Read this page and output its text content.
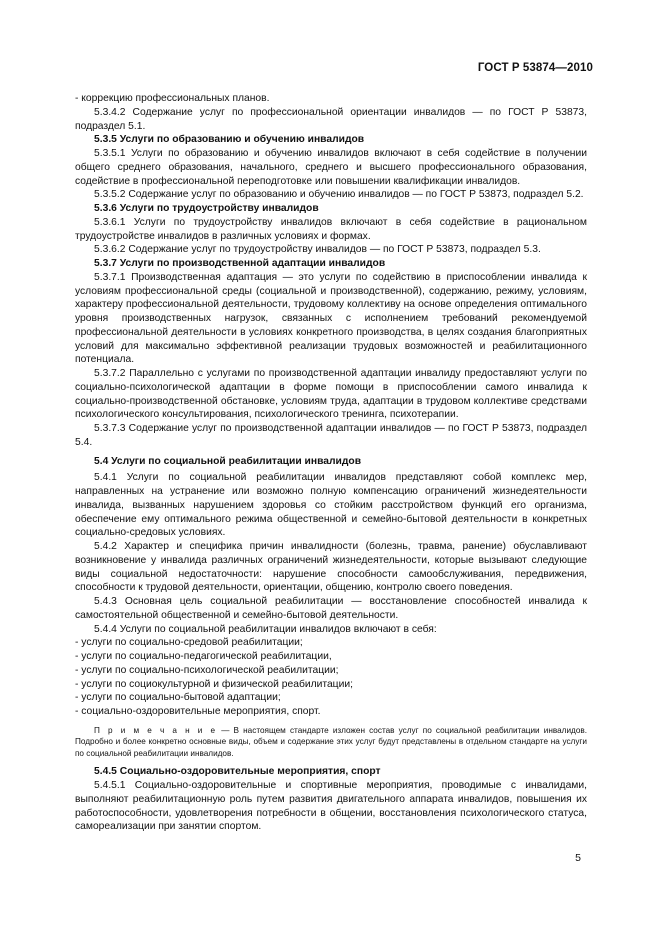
ГОСТ Р 53874—2010

- коррекцию профессиональных планов.

5.3.4.2 Содержание услуг по профессиональной ориентации инвалидов — по ГОСТ Р 53873, подраздел 5.1.

5.3.5 Услуги по образованию и обучению инвалидов

5.3.5.1 Услуги по образованию и обучению инвалидов включают в себя содействие в получении общего среднего образования, начального, среднего и высшего профессионального образования, содействие в профессиональной переподготовке или повышении квалификации инвалидов.

5.3.5.2 Содержание услуг по образованию и обучению инвалидов — по ГОСТ Р 53873, подраздел 5.2.

5.3.6 Услуги по трудоустройству инвалидов

5.3.6.1 Услуги по трудоустройству инвалидов включают в себя содействие в рациональном трудоустройстве инвалидов в различных условиях и формах.

5.3.6.2 Содержание услуг по трудоустройству инвалидов — по ГОСТ Р 53873, подраздел 5.3.

5.3.7 Услуги по производственной адаптации инвалидов

5.3.7.1 Производственная адаптация — это услуги по содействию в приспособлении инвалида к условиям профессиональной среды (социальной и производственной), содержанию, режиму, условиям, характеру профессиональной деятельности, трудовому коллективу на основе определения оптимального уровня производственных нагрузок, связанных с исполнением требований рекомендуемой профессиональной деятельности в условиях конкретного производства, в целях создания благоприятных условий для максимально эффективной реализации трудовых возможностей и реабилитационного потенциала.

5.3.7.2 Параллельно с услугами по производственной адаптации инвалиду предоставляют услуги по социально-психологической адаптации в форме помощи в приспособлении самого инвалида к социально-производственной обстановке, условиям труда, адаптации в трудовом коллективе средствами психологического консультирования, психологического тренинга, психотерапии.

5.3.7.3 Содержание услуг по производственной адаптации инвалидов — по ГОСТ Р 53873, подраздел 5.4.

5.4 Услуги по социальной реабилитации инвалидов

5.4.1 Услуги по социальной реабилитации инвалидов представляют собой комплекс мер, направленных на устранение или возможно полную компенсацию ограничений жизнедеятельности инвалида, вызванных нарушением здоровья со стойким расстройством функций его организма, обеспечение ему оптимального режима общественной и семейно-бытовой деятельности в конкретных социально-средовых условиях.

5.4.2 Характер и специфика причин инвалидности (болезнь, травма, ранение) обуславливают возникновение у инвалида различных ограничений жизнедеятельности, которые вызывают следующие виды социальной недостаточности: нарушение способности самообслуживания, передвижения, способности к трудовой деятельности, ориентации, общению, контролю своего поведения.

5.4.3 Основная цель социальной реабилитации — восстановление способностей инвалида к самостоятельной общественной и семейно-бытовой деятельности.

5.4.4 Услуги по социальной реабилитации инвалидов включают в себя:

- услуги по социально-средовой реабилитации;

- услуги по социально-педагогической реабилитации,

- услуги по социально-психологической реабилитации;

- услуги по социокультурной и физической реабилитации;

- услуги по социально-бытовой адаптации;

- социально-оздоровительные мероприятия, спорт.

П р и м е ч а н и е — В настоящем стандарте изложен состав услуг по социальной реабилитации инвалидов. Подробно и более конкретно основные виды, объем и содержание этих услуг будут представлены в отдельном стандарте на услуги по социальной реабилитации инвалидов.

5.4.5 Социально-оздоровительные мероприятия, спорт

5.4.5.1 Социально-оздоровительные и спортивные мероприятия, проводимые с инвалидами, выполняют реабилитационную роль путем развития двигательного аппарата инвалидов, повышения их работоспособности, удовлетворения потребности в общении, восстановления психологического статуса, самореализации при занятии спортом.

5
